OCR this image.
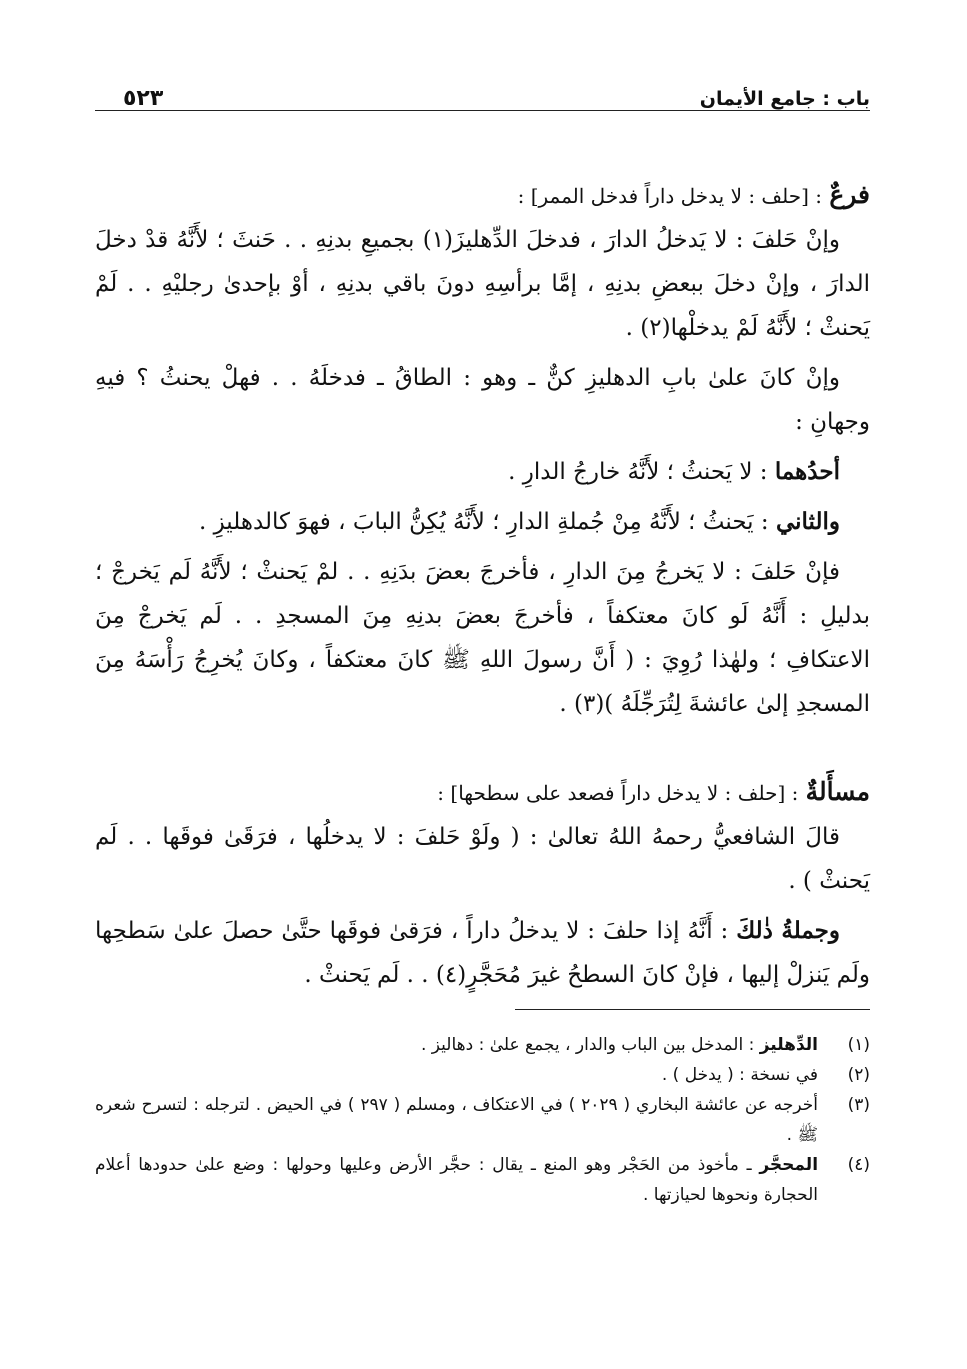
باب : جامع الأيمان
٥٢٣
فرعٌ : [حلف : لا يدخل داراً فدخل الممر] :

وإنْ حَلفَ : لا يَدخلُ الدارَ ، فدخلَ الدِّهليزَ(١) بجميعِ بدنِهِ . . حَنثَ ؛ لأَنَّهُ قدْ دخلَ الدارَ ، وإنْ دخلَ ببعضِ بدنِهِ ، إمَّا برأسِهِ دونَ باقي بدنِهِ ، أوْ بإحدىٰ رجليْهِ . . لَمْ يَحنثْ ؛ لأَنَّهُ لَمْ يدخلْها(٢) .

وإنْ كانَ علىٰ بابِ الدهليزِ كنٌّ ـ وهو : الطاقُ ـ فدخلَهُ . . فهلْ يحنثُ ؟ فيهِ وجهانِ :

أحدُهما : لا يَحنثُ ؛ لأَنَّهُ خارجُ الدارِ .

والثاني : يَحنثُ ؛ لأَنَّهُ مِنْ جُملةِ الدارِ ؛ لأَنَّهُ يُكِنُّ البابَ ، فهوَ كالدهليزِ .

فإنْ حَلفَ : لا يَخرجُ مِنَ الدارِ ، فأخرجَ بعضَ بدَنِهِ . . لمْ يَحنثْ ؛ لأَنَّهُ لَم يَخرجْ ؛ بدليلِ : أَنَّهُ لَو كانَ معتكفاً ، فأخرجَ بعضَ بدنِهِ مِنَ المسجدِ . . لَم يَخرجْ مِنَ الاعتكافِ ؛ ولهٰذا رُوِيَ : ( أَنَّ رسولَ اللهِ ﷺ كانَ معتكفاً ، وكانَ يُخرِجُ رَأْسَهُ مِنَ المسجدِ إلىٰ عائشةَ لِتُرَجِّلَهُ )(٣) .

مسأَلةٌ : [حلف : لا يدخل داراً فصعد على سطحها] :

قالَ الشافعيُّ رحمهُ اللهُ تعالىٰ : ( ولَوْ حَلفَ : لا يدخلُها ، فرَقَىٰ فوقَها . . لَم يَحنثْ ) .

وجملةُ ذٰلكَ : أَنَّهُ إذا حلفَ : لا يدخلُ داراً ، فرَقىٰ فوقَها حتَّىٰ حصلَ علىٰ سَطحِها ولَم يَنزلْ إليها ، فإنْ كانَ السطحُ غيرَ مُحَجَّرٍ(٤) . . لَم يَحنثْ .

(١)
الدِّهليز : المدخل بين الباب والدار ، يجمع علىٰ : دهاليز .
(٢)
في نسخة : ( يدخل ) .
(٣)
أخرجه عن عائشة البخاري ( ٢٠٢٩ ) في الاعتكاف ، ومسلم ( ٢٩٧ ) في الحيض . لترجله : لتسرح شعره ﷺ .
(٤)
المحجَّر ـ مأخوذ من الحَجْر وهو المنع ـ يقال : حجَّر الأرض وعليها وحولها : وضع علىٰ حدودها أعلام الحجارة ونحوها لحيازتها .
